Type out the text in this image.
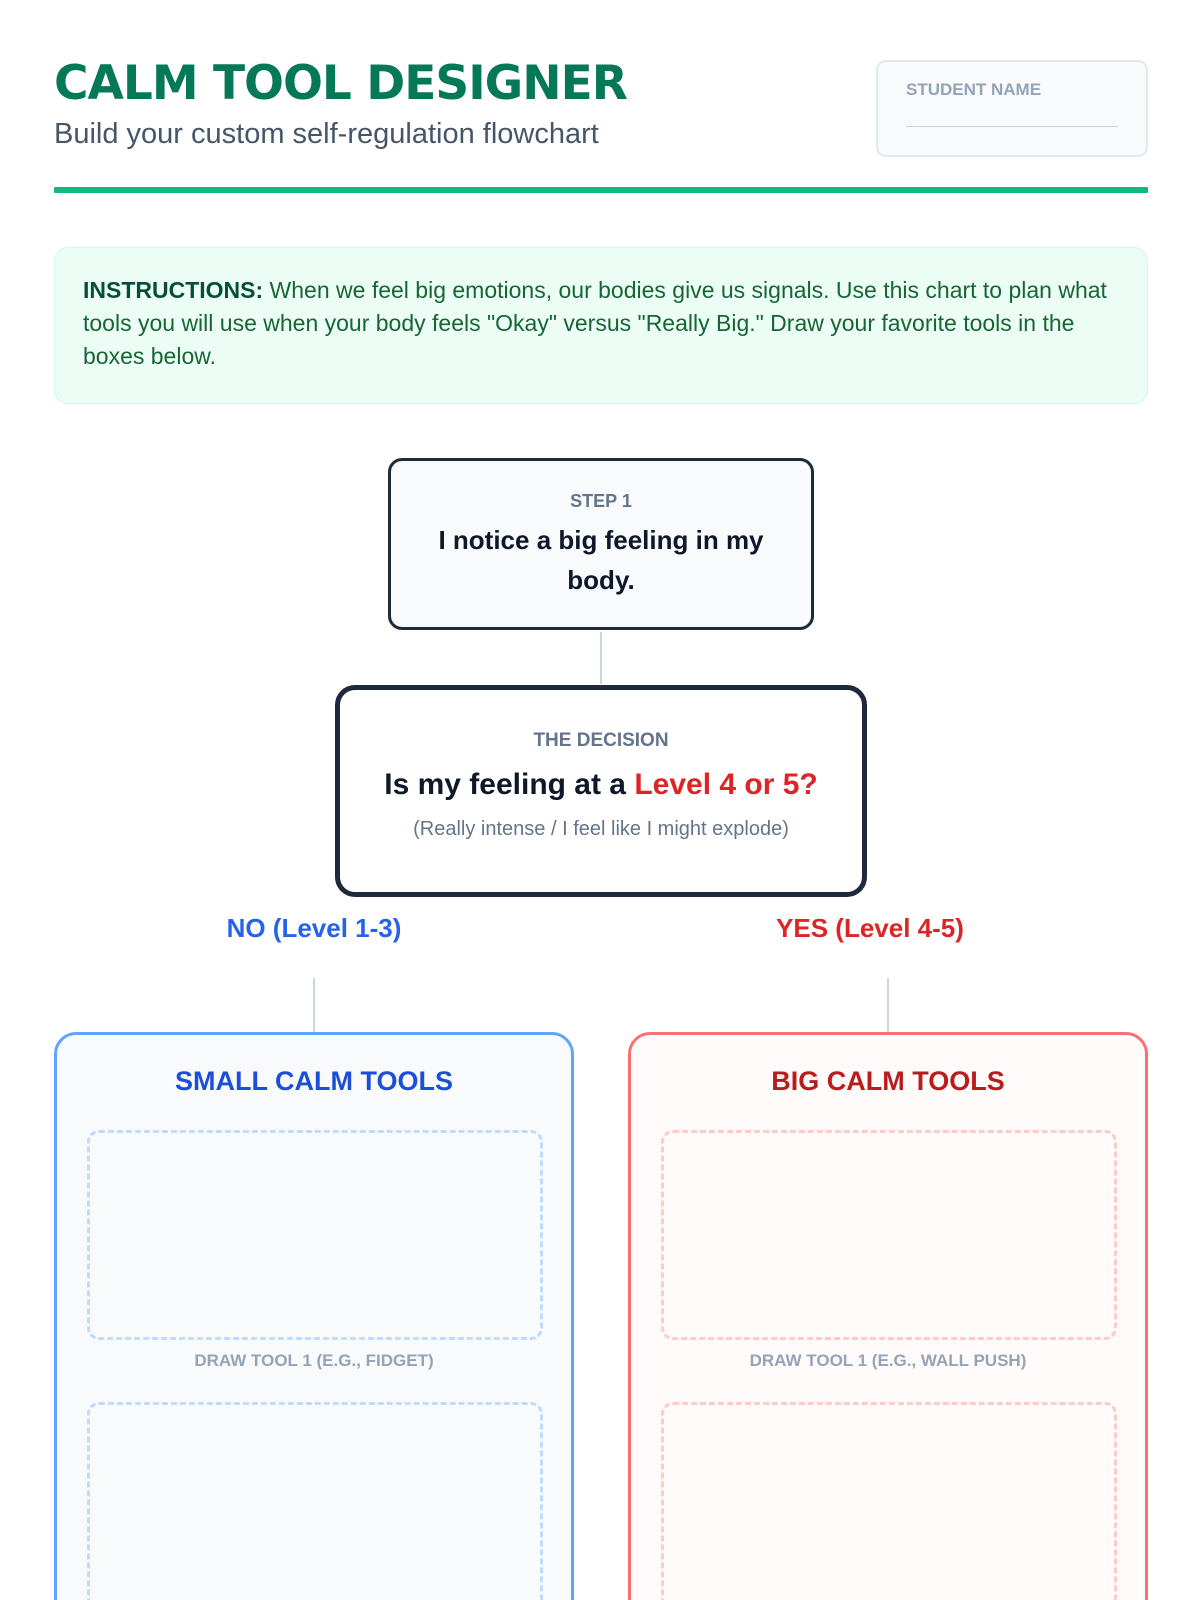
CALM TOOL DESIGNER
Build your custom self-regulation flowchart
STUDENT NAME
INSTRUCTIONS: When we feel big emotions, our bodies give us signals. Use this chart to plan what tools you will use when your body feels "Okay" versus "Really Big." Draw your favorite tools in the boxes below.
STEP 1
I notice a big feeling in my body.
THE DECISION
Is my feeling at a Level 4 or 5?
(Really intense / I feel like I might explode)
NO (Level 1-3)	YES (Level 4-5)
SMALL CALM TOOLS
DRAW TOOL 1 (E.G., FIDGET)
BIG CALM TOOLS
DRAW TOOL 1 (E.G., WALL PUSH)
